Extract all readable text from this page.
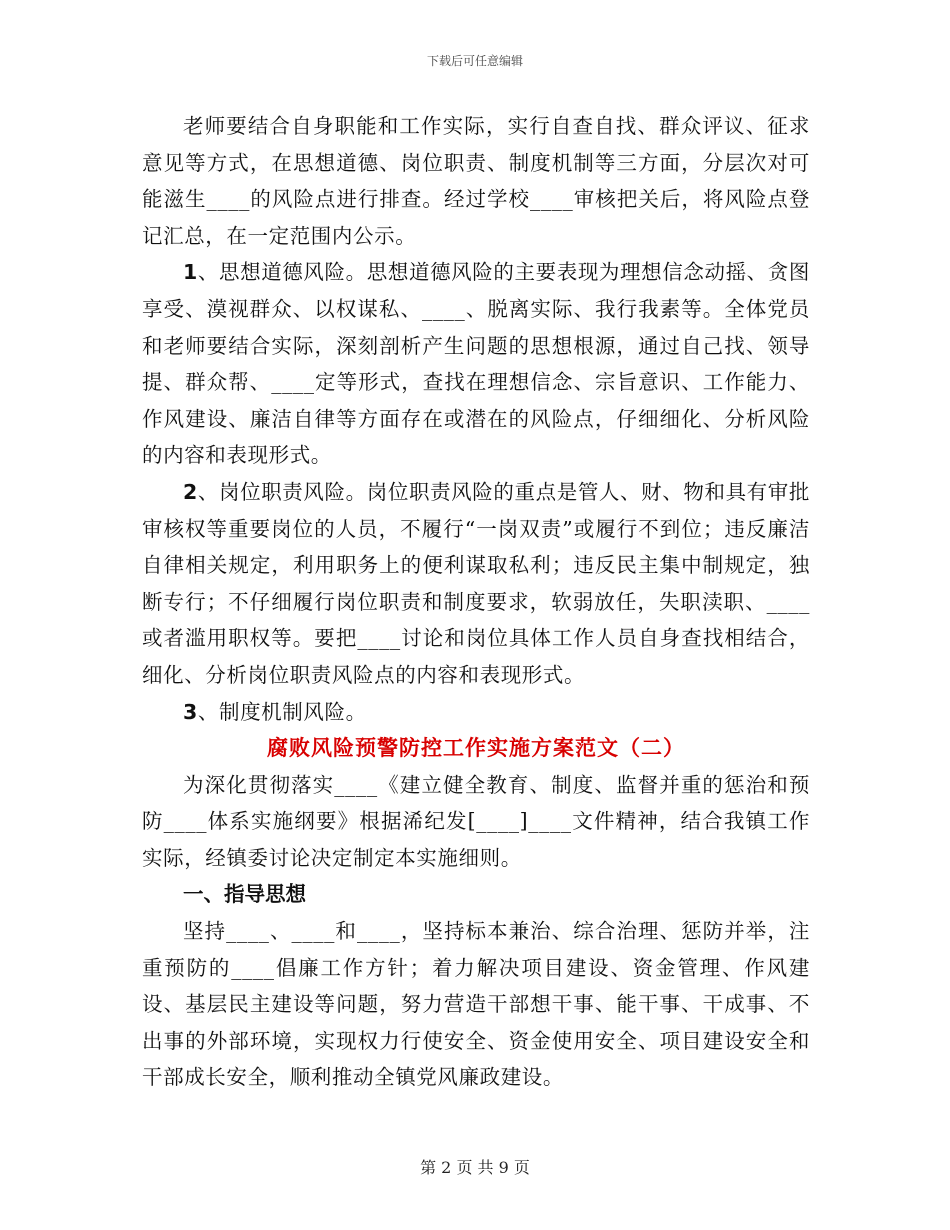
下载后可任意编辑

老师要结合自身职能和工作实际，实行自查自找、群众评议、征求意见等方式，在思想道德、岗位职责、制度机制等三方面，分层次对可能滋生____的风险点进行排查。经过学校____审核把关后，将风险点登记汇总，在一定范围内公示。

1、思想道德风险。思想道德风险的主要表现为理想信念动摇、贪图享受、漠视群众、以权谋私、____、脱离实际、我行我素等。全体党员和老师要结合实际，深刻剖析产生问题的思想根源，通过自己找、领导提、群众帮、____定等形式，查找在理想信念、宗旨意识、工作能力、作风建设、廉洁自律等方面存在或潜在的风险点，仔细细化、分析风险的内容和表现形式。

2、岗位职责风险。岗位职责风险的重点是管人、财、物和具有审批审核权等重要岗位的人员，不履行“一岗双责”或履行不到位；违反廉洁自律相关规定，利用职务上的便利谋取私利；违反民主集中制规定，独断专行；不仔细履行岗位职责和制度要求，软弱放任，失职渎职、____或者滥用职权等。要把____讨论和岗位具体工作人员自身查找相结合，细化、分析岗位职责风险点的内容和表现形式。

3、制度机制风险。

腐败风险预警防控工作实施方案范文（二）

为深化贯彻落实____《建立健全教育、制度、监督并重的惩治和预防____体系实施纲要》根据浠纪发[____]____文件精神，结合我镇工作实际，经镇委讨论决定制定本实施细则。

一、指导思想

坚持____、____和____，坚持标本兼治、综合治理、惩防并举，注重预防的____倡廉工作方针；着力解决项目建设、资金管理、作风建设、基层民主建设等问题，努力营造干部想干事、能干事、干成事、不出事的外部环境，实现权力行使安全、资金使用安全、项目建设安全和干部成长安全，顺利推动全镇党风廉政建设。

第 2 页 共 9 页
